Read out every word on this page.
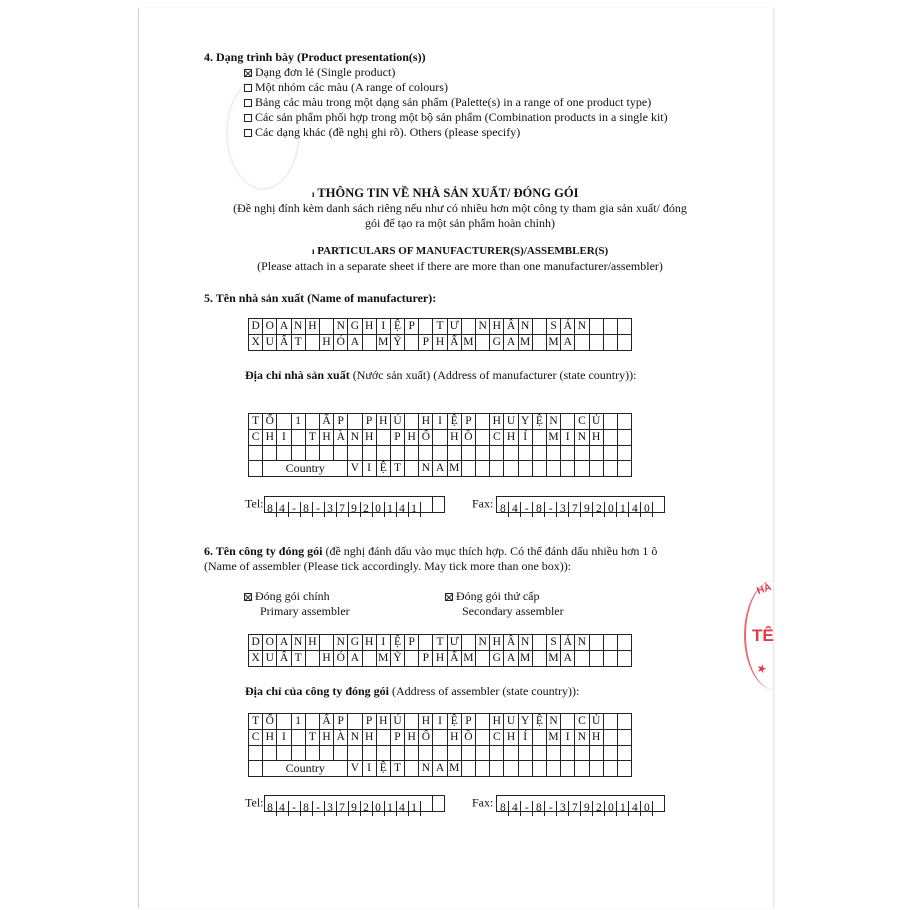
4. Dạng trình bày (Product presentation(s))
Dạng đơn lẻ (Single product)
Một nhóm các màu (A range of colours)
Bảng các màu trong một dạng sản phẩm (Palette(s) in a range of one product type)
Các sản phẩm phối hợp trong một bộ sản phẩm (Combination products in a single kit)
Các dạng khác (đề nghị ghi rõ). Others (please specify)
ı THÔNG TIN VỀ NHÀ SẢN XUẤT/ ĐÓNG GÓI
(Đề nghị đính kèm danh sách riêng nếu như có nhiều hơn một công ty tham gia sản xuất/ đóng
gói để tạo ra một sản phẩm hoàn chỉnh)
ı PARTICULARS OF MANUFACTURER(S)/ASSEMBLER(S)
(Please attach in a separate sheet if there are more than one manufacturer/assembler)
5. Tên nhà sản xuất (Name of manufacturer):
D	O	A	N	H		N	G	H	I	Ệ	P		T	Ư		N	H	Â	N		S	Ả	N			
X	U	Ấ	T		H	Ó	A		M	Ỹ		P	H	Ẩ	M		G	A	M		M	A				
Địa chỉ nhà sản xuất (Nước sản xuất) (Address of manufacturer (state country)):
T	Ổ		1		Ấ	P		P	H	Ú		H	I	Ệ	P		H	U	Y	Ệ	N		C	Ủ		
C	H	I		T	H	À	N	H		P	H	Ố		H	Ồ		C	H	Í		M	I	N	H		

	Country						V	I	Ệ	T		N	A	M												
Tel: 8 4 - 8 - 3 7 9 2 0 1 4 1	Fax: 8 4 - 8 - 3 7 9 2 0 1 4 0
6. Tên công ty đóng gói (đề nghị đánh dấu vào mục thích hợp. Có thể đánh dấu nhiều hơn 1 ô
(Name of assembler (Please tick accordingly. May tick more than one box)):
Đóng gói chính
Primary assembler
Đóng gói thứ cấp
Secondary assembler
D	O	A	N	H		N	G	H	I	Ệ	P		T	Ư		N	H	Â	N		S	Ả	N			
X	U	Ấ	T		H	Ó	A		M	Ỹ		P	H	Ẩ	M		G	A	M		M	A				
Địa chỉ của công ty đóng gói (Address of assembler (state country)):
T	Ổ		1		Ấ	P		P	H	Ú		H	I	Ệ	P		H	U	Y	Ệ	N		C	Ủ		
C	H	I		T	H	À	N	H		P	H	Ố		H	Ồ		C	H	Í		M	I	N	H		

	Country						V	I	Ệ	T		N	A	M												
Tel: 8 4 - 8 - 3 7 9 2 0 1 4 1	Fax: 8 4 - 8 - 3 7 9 2 0 1 4 0
HÀ
TÊ
★
